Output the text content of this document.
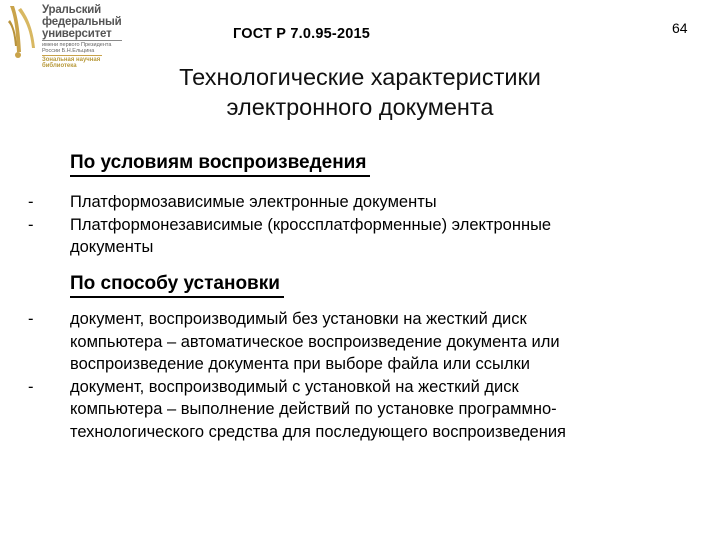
Уральский
федеральный
университет
имени первого Президента
России Б.Н.Ельцина
Зональная научная
библиотека
ГОСТ Р 7.0.95-2015	64
Технологические характеристики
электронного документа
По условиям воспроизведения
- Платформозависимые электронные документы
- Платформонезависимые (кроссплатформенные) электронные
документы
По способу установки
- документ, воспроизводимый без установки на жесткий диск
компьютера – автоматическое воспроизведение документа или
воспроизведение документа при выборе файла или ссылки
- документ, воспроизводимый с установкой на жесткий диск
компьютера – выполнение действий по установке программно-
технологического средства для последующего воспроизведения
